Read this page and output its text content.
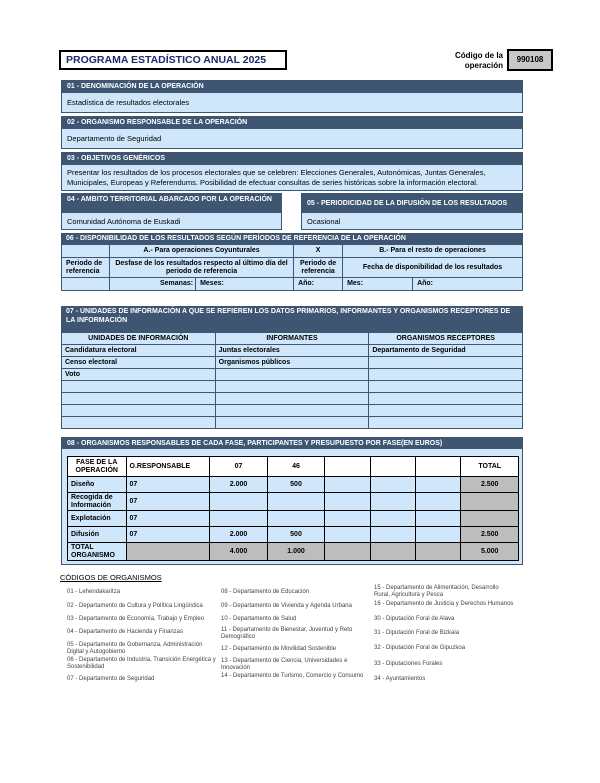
PROGRAMA ESTADÍSTICO ANUAL 2025	Código de la
operación
990108
01 - DENOMINACIÓN DE LA OPERACIÓN
Estadística de resultados electorales
02 - ORGANISMO RESPONSABLE DE LA OPERACIÓN
Departamento de Seguridad
03 - OBJETIVOS GENÉRICOS
Presentar los resultados de los procesos electorales que se celebren: Elecciones Generales, Autonómicas, Juntas Generales, Municipales, Europeas y Referendums. Posibilidad de efectuar consultas de series históricas sobre la información electoral.
04 - AMBITO TERRITORIAL ABARCADO POR LA OPERACIÓN
Comunidad Autónoma de Euskadi
05 - PERIODICIDAD DE LA DIFUSIÓN DE LOS RESULTADOS
Ocasional
06 - DISPONIBILIDAD DE LOS RESULTADOS SEGÚN PERÍODOS DE REFERENCIA DE LA OPERACIÓN
	A.- Para operaciones Coyunturales		X	B.- Para el resto de operaciones	
Periodo de referencia	Desfase de los resultados respecto al último día del periodo de referencia		Periodo de referencia	Fecha de disponibilidad de los resultados	
	Semanas:	Meses:	Año:	Mes:	Año:
07 - UNIDADES DE INFORMACIÓN A QUE SE REFIEREN LOS DATOS PRIMARIOS, INFORMANTES Y ORGANISMOS RECEPTORES DE LA INFORMACIÓN
UNIDADES DE INFORMACIÓN	INFORMANTES	ORGANISMOS RECEPTORES
Candidatura electoral	Juntas electorales	Departamento de Seguridad
Censo electoral	Organismos públicos	
Voto		

08 - ORGANISMOS RESPONSABLES DE CADA FASE, PARTICIPANTES Y PRESUPUESTO POR FASE(EN EUROS)
FASE DE LA OPERACIÓN	O.RESPONSABLE	07	46				TOTAL
Diseño	07	2.000	500				2.500
Recogida de Información	07						
Explotación	07						
Difusión	07	2.000	500				2.500
TOTAL ORGANISMO		4.000	1.000				5.000
CÓDIGOS DE ORGANISMOS
01 - Lehendakaritza
02 - Departamento de Cultura y Política Lingüística
03 - Departamento de Economía, Trabajo y Empleo
04 - Departamento de Hacienda y Finanzas
05 - Departamento de Gobernanza, Administración Digital y Autogobierno
06 - Departamento de Industria, Transición Energética y Sostenibilidad
07 - Departamento de Seguridad
08 - Departamento de Educación
09 - Departamento de Vivienda y Agenda Urbana
10 - Departamento de Salud
11 - Departamento de Bienestar, Juventud y Reto Demográfico
12 - Departamento de Movilidad Sostenible
13 - Departamento de Ciencia, Universidades e Innovación
14 - Departamento de Turismo, Comercio y Consumo
15 - Departamento de Alimentación, Desarrollo Rural, Agricultura y Pesca
16 - Departamento de Justicia y Derechos Humanos
30 - Diputación Foral de Alava
31 - Diputación Foral de Bizkaia
32 - Diputación Foral de Gipuzkoa
33 - Diputaciones Forales
34 - Ayuntamientos
